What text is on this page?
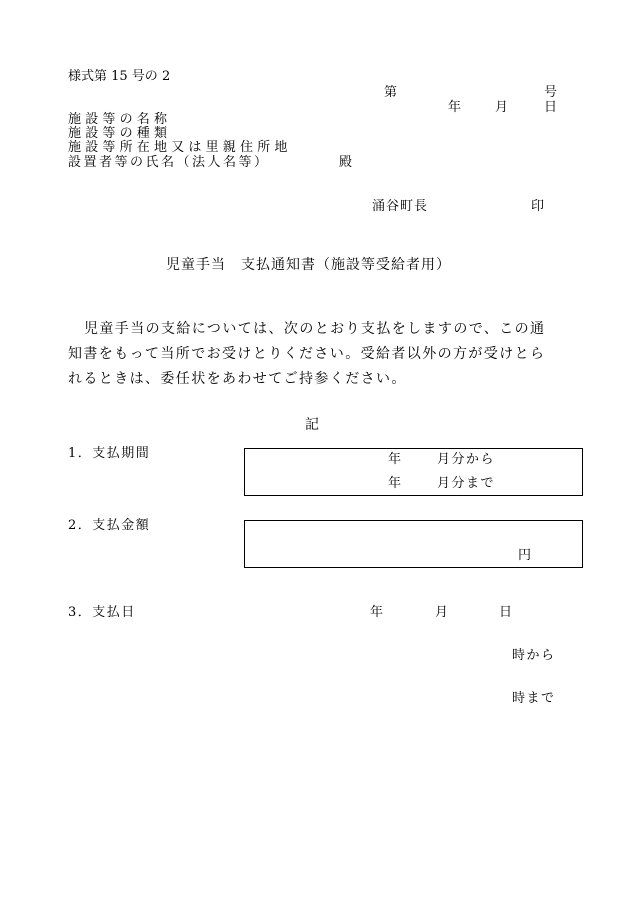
様式第 15 号の 2
第	号
年	月	日
施設等の名称
施設等の種類
施設等所在地又は里親住所地
設置者等の氏名（法人名等）	殿
涌谷町長	印
児童手当　支払通知書（施設等受給者用）
児童手当の支給については、次のとおり支払をしますので、この通
知書をもって当所でお受けとりください。受給者以外の方が受けとら
れるときは、委任状をあわせてご持参ください。
記
1．支払期間	年	月分から
年	月分まで
2．支払金額
円
3．支払日	年	月	日
時から
時まで
